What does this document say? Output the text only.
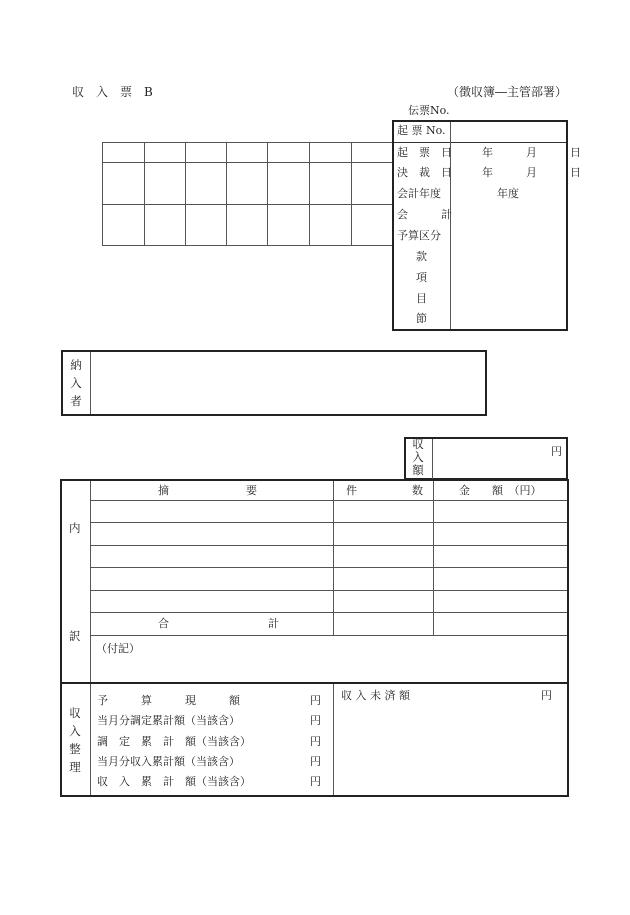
収　入　票　B	（徴収簿―主管部署）
伝票No.
起 票 No.
起　票　日	年　　　月　　　日
決　裁　日	年　　　月　　　日
会計年度	年度
会　　　計
予算区分
款
項
目
節
納
入
者
収
入
額
円
内
訳
摘　　　　　　　要	件　　　　　数	金　　額　（円）
合　　　　　　　　　計
（付記）
収
入
整
理
予　　　算　　　現　　　額	円
当月分調定累計額（当該含）	円
調　定　累　計　額（当該含）	円
当月分収入累計額（当該含）	円
収　入　累　計　額（当該含）	円
収 入 未 済 額	円
